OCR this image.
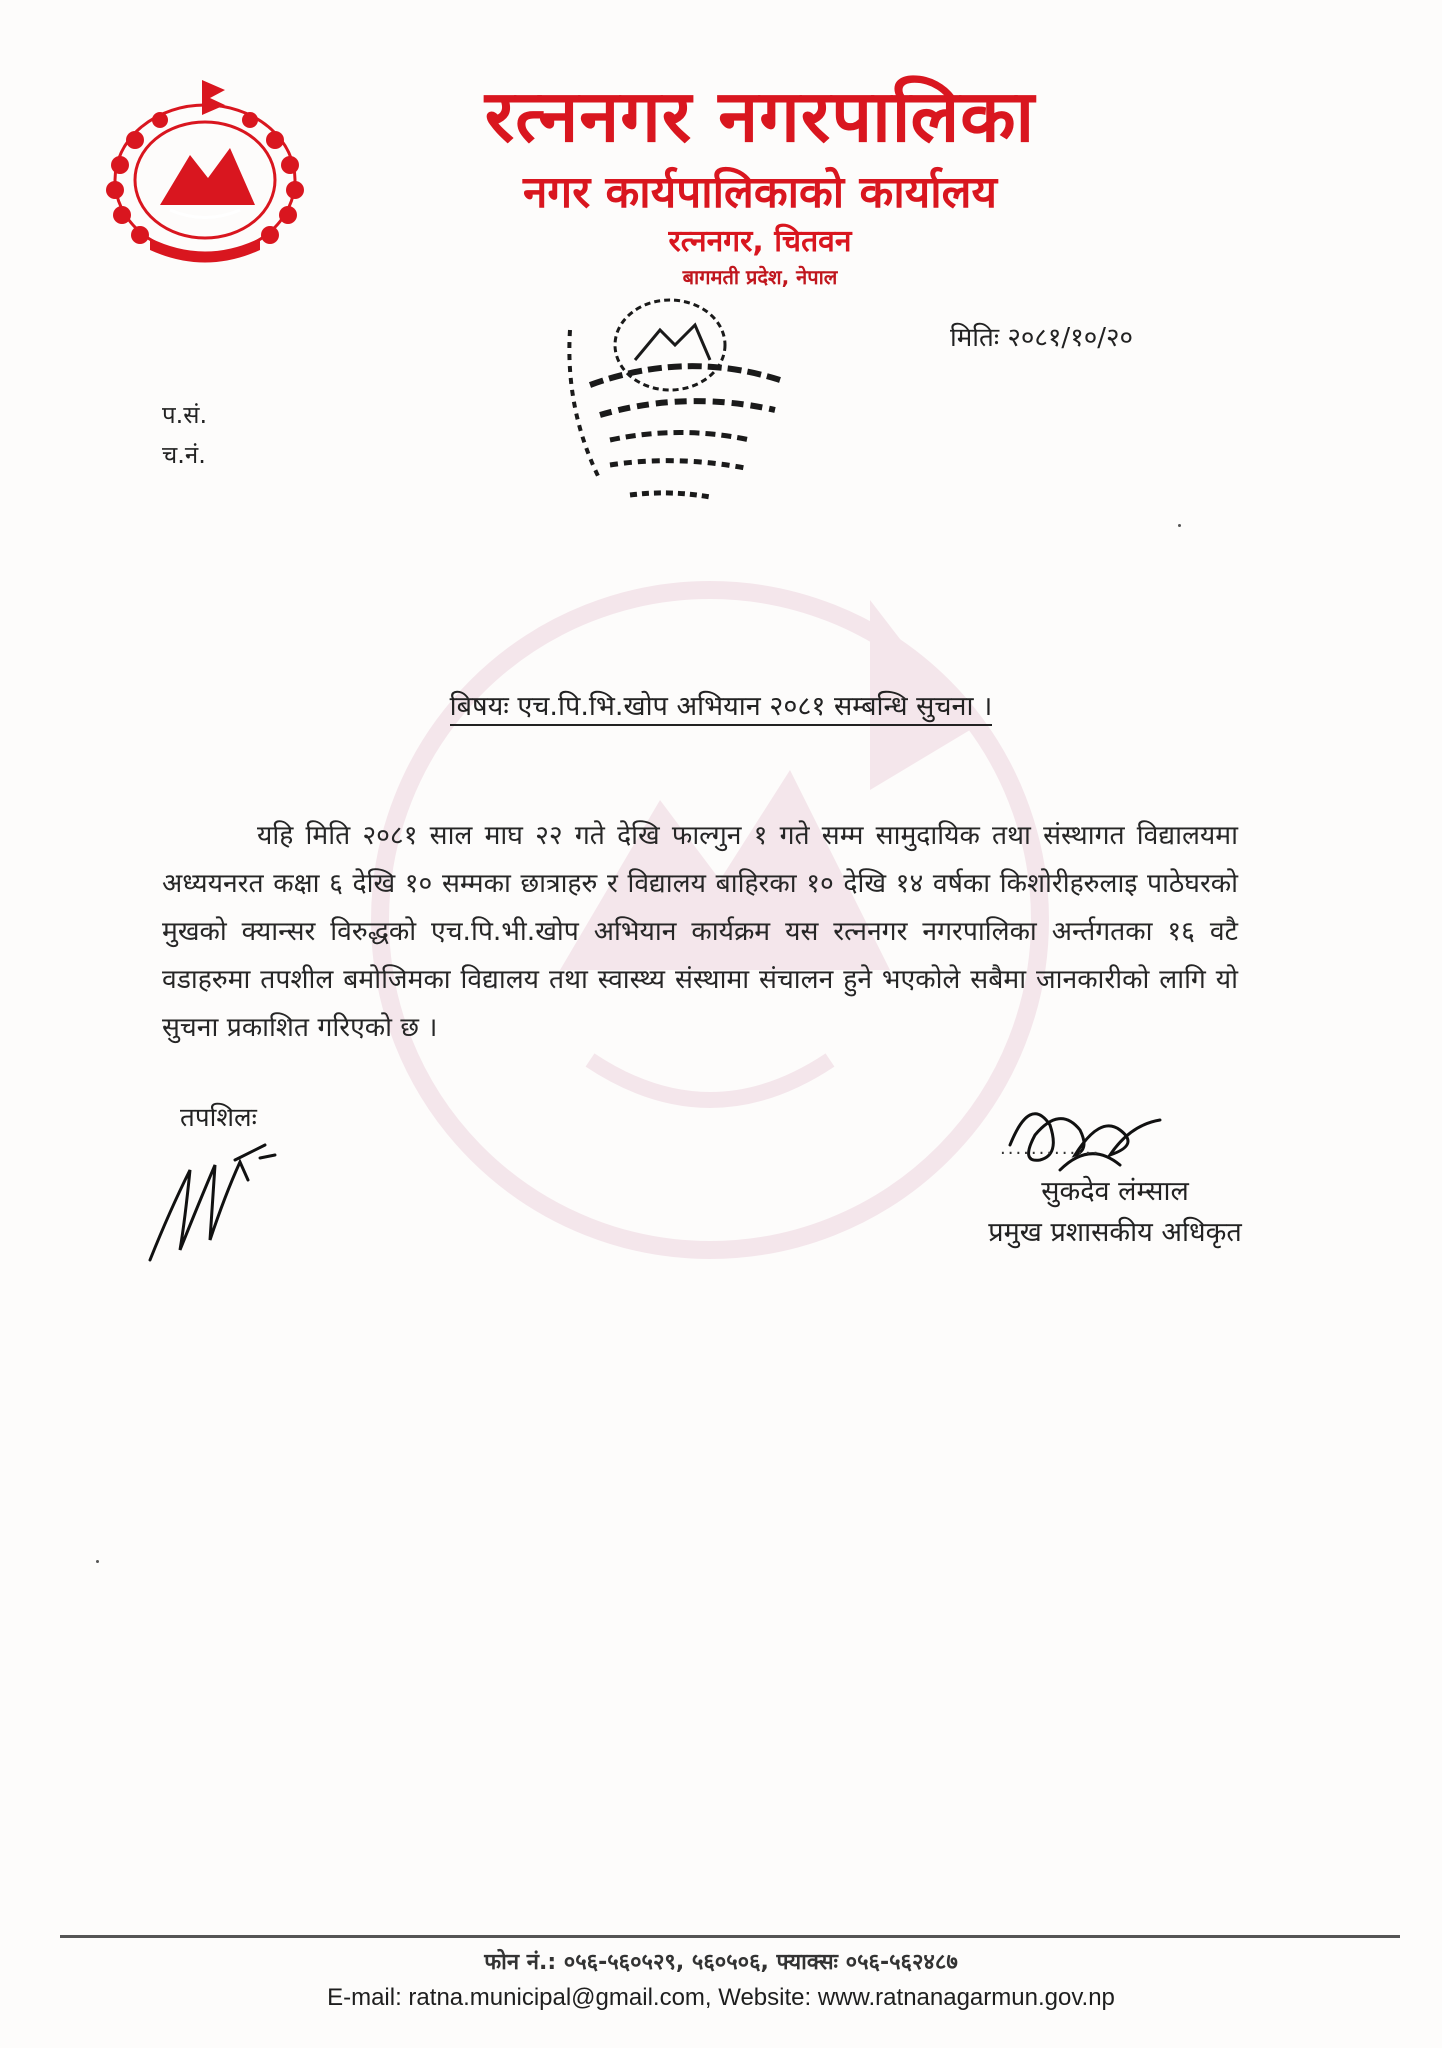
रत्ननगर नगरपालिका
नगर कार्यपालिकाको कार्यालय
रत्ननगर, चितवन
बागमती प्रदेश, नेपाल
मितिः २०८१/१०/२०
प.सं.
च.नं.
बिषयः एच.पि.भि.खोप अभियान २०८१ सम्बन्धि सुचना ।
यहि मिति २०८१ साल माघ २२ गते देखि फाल्गुन १ गते सम्म सामुदायिक तथा संस्थागत विद्यालयमा अध्ययनरत कक्षा ६ देखि १० सम्मका छात्राहरु र विद्यालय बाहिरका १० देखि १४ वर्षका किशोरीहरुलाइ पाठेघरको मुखको क्यान्सर विरुद्धको एच.पि.भी.खोप अभियान कार्यक्रम यस रत्ननगर नगरपालिका अर्न्तगतका १६ वटै वडाहरुमा तपशील बमोजिमका विद्यालय तथा स्वास्थ्य संस्थामा संचालन हुने भएकोले सबैमा जानकारीको लागि यो सुचना प्रकाशित गरिएको छ ।
तपशिलः
.............
सुकदेव लंम्साल
प्रमुख प्रशासकीय अधिकृत
फोन नं.: ०५६-५६०५२९, ५६०५०६, फ्याक्सः ०५६-५६२४८७
E-mail: ratna.municipal@gmail.com, Website: www.ratnanagarmun.gov.np
